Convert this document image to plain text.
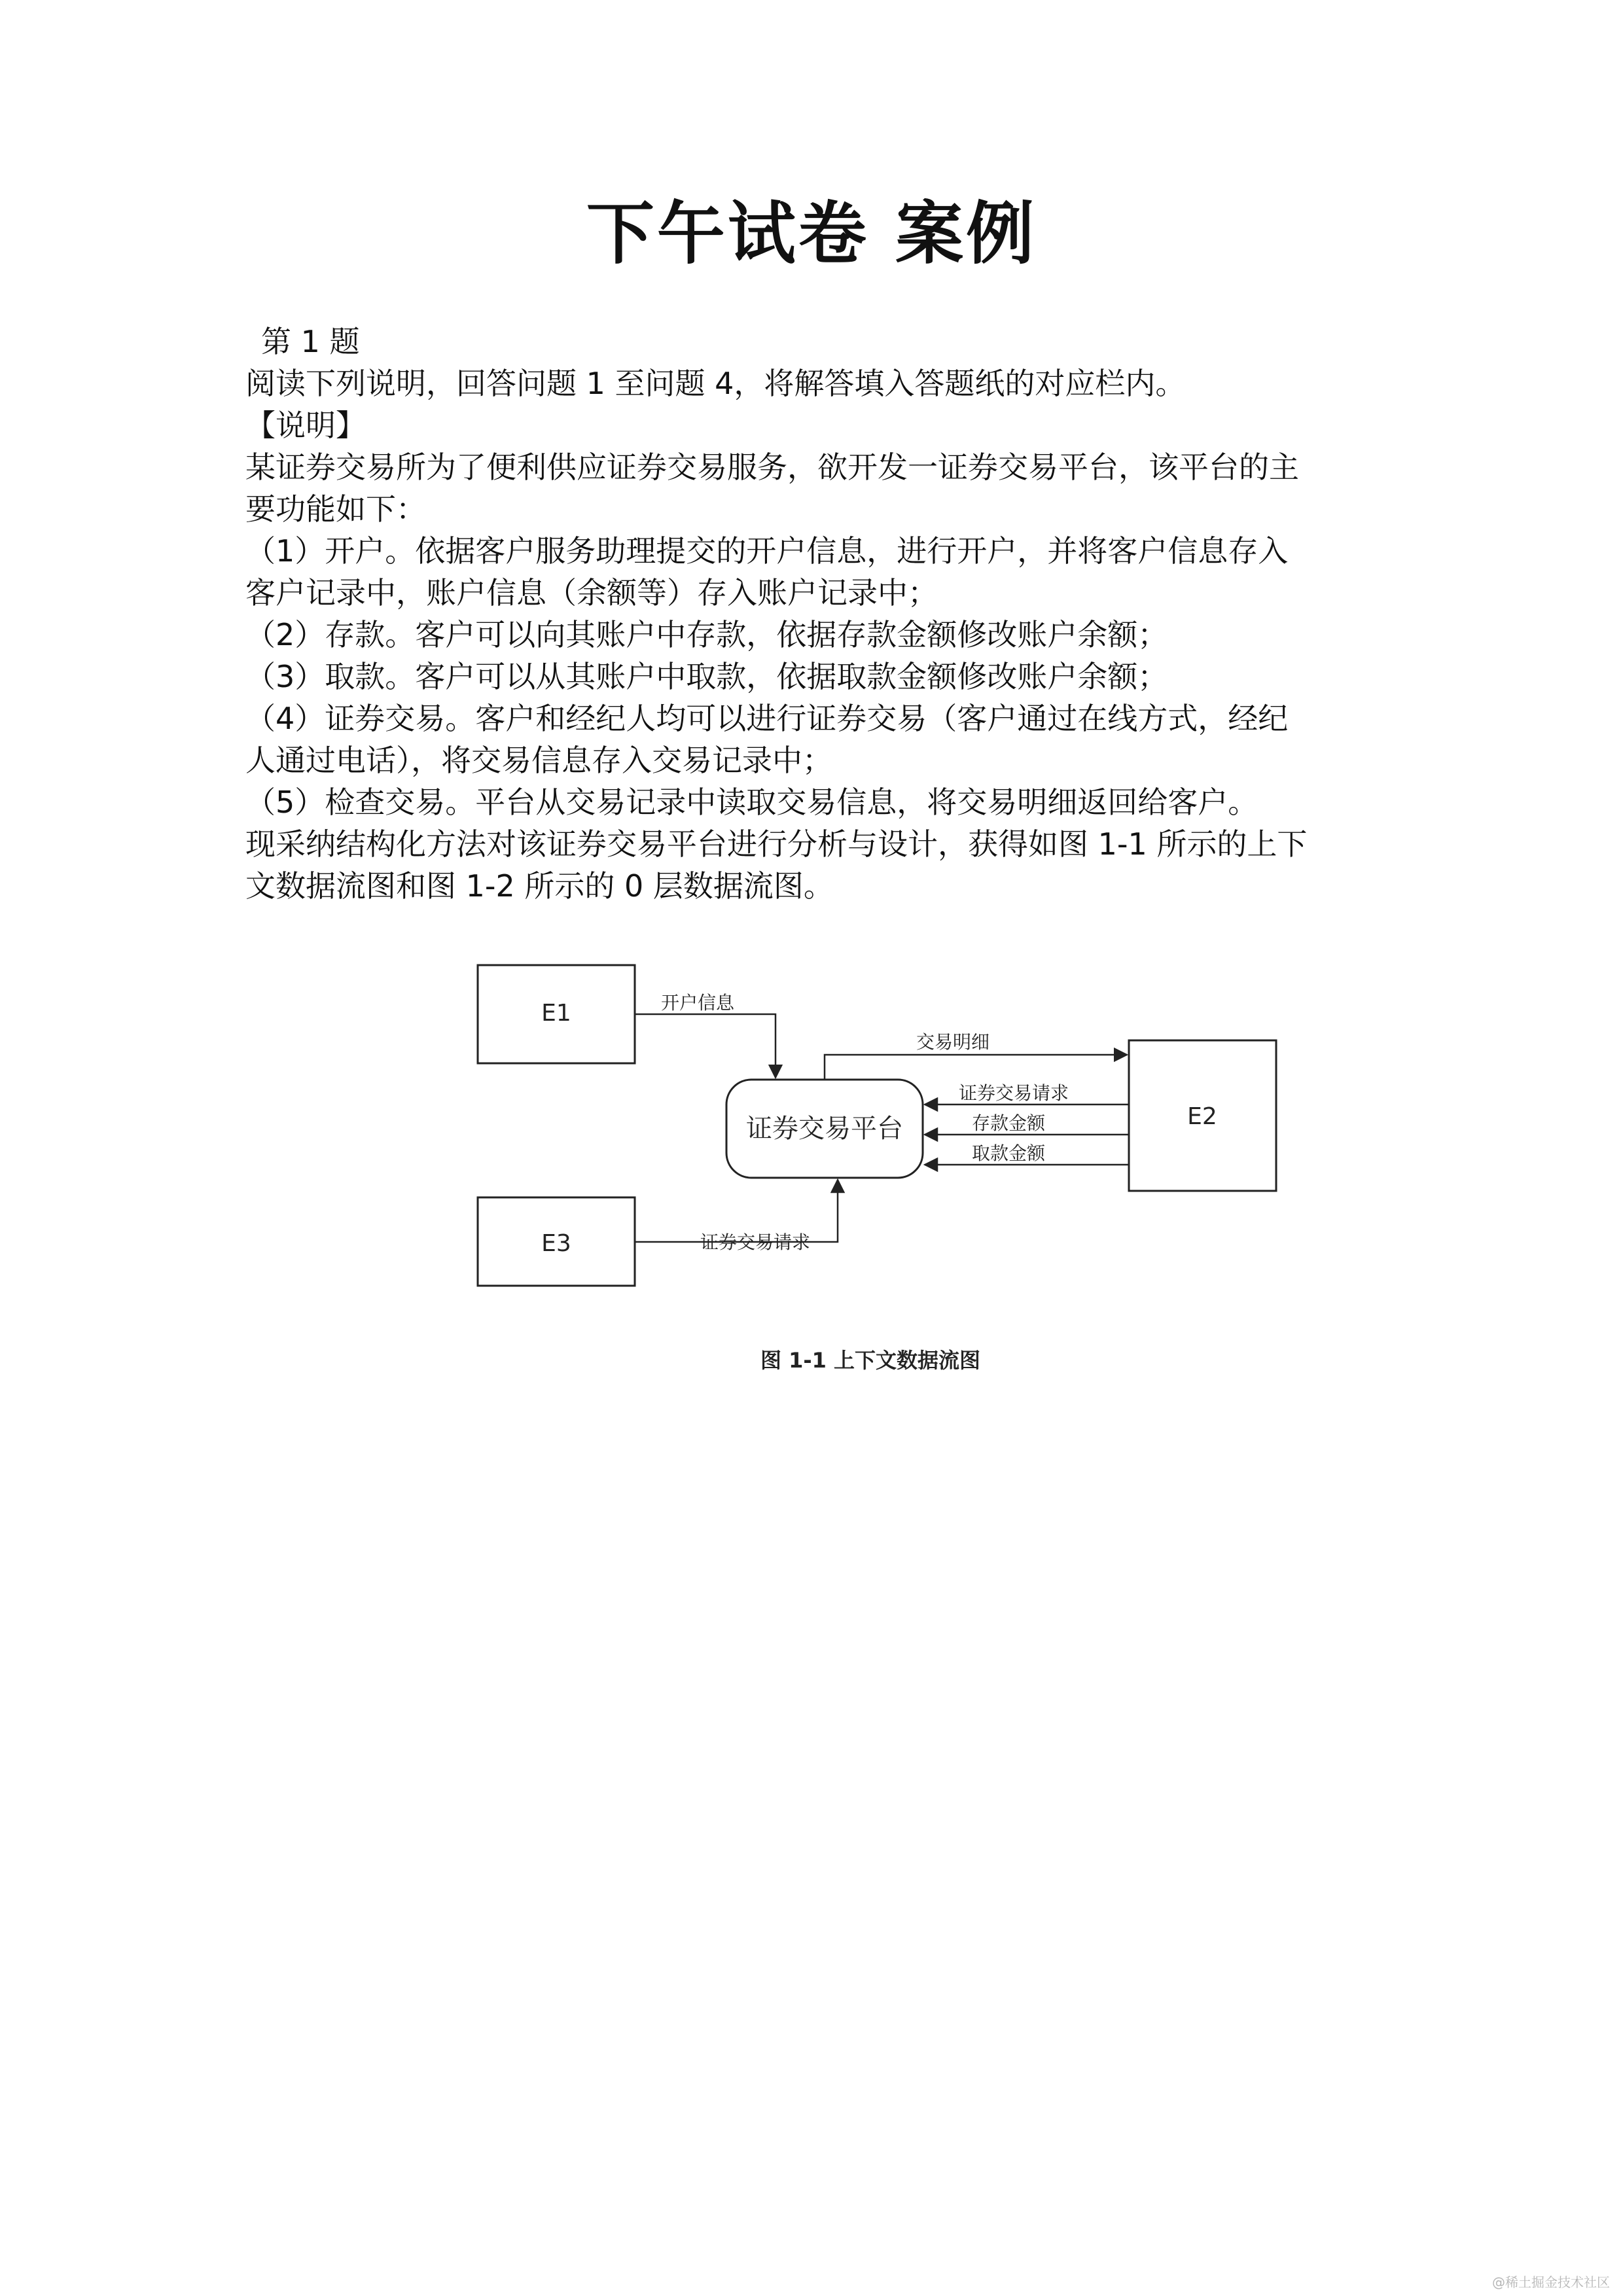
下午试卷 案例
第 1 题
阅读下列说明，回答问题 1 至问题 4，将解答填入答题纸的对应栏内。
【说明】
某证券交易所为了便利供应证券交易服务，欲开发一证券交易平台，该平台的主
要功能如下：
（1）开户。依据客户服务助理提交的开户信息，进行开户，并将客户信息存入
客户记录中，账户信息（余额等）存入账户记录中；
（2）存款。客户可以向其账户中存款，依据存款金额修改账户余额；
（3）取款。客户可以从其账户中取款，依据取款金额修改账户余额；
（4）证券交易。客户和经纪人均可以进行证券交易（客户通过在线方式，经纪
人通过电话），将交易信息存入交易记录中；
（5）检查交易。平台从交易记录中读取交易信息，将交易明细返回给客户。
现采纳结构化方法对该证券交易平台进行分析与设计，获得如图 1-1 所示的上下
文数据流图和图 1-2 所示的 0 层数据流图。
E1
E2
E3
证券交易平台
开户信息
交易明细
证券交易请求
存款金额
取款金额
证券交易请求
图 1-1 上下文数据流图
@稀土掘金技术社区
